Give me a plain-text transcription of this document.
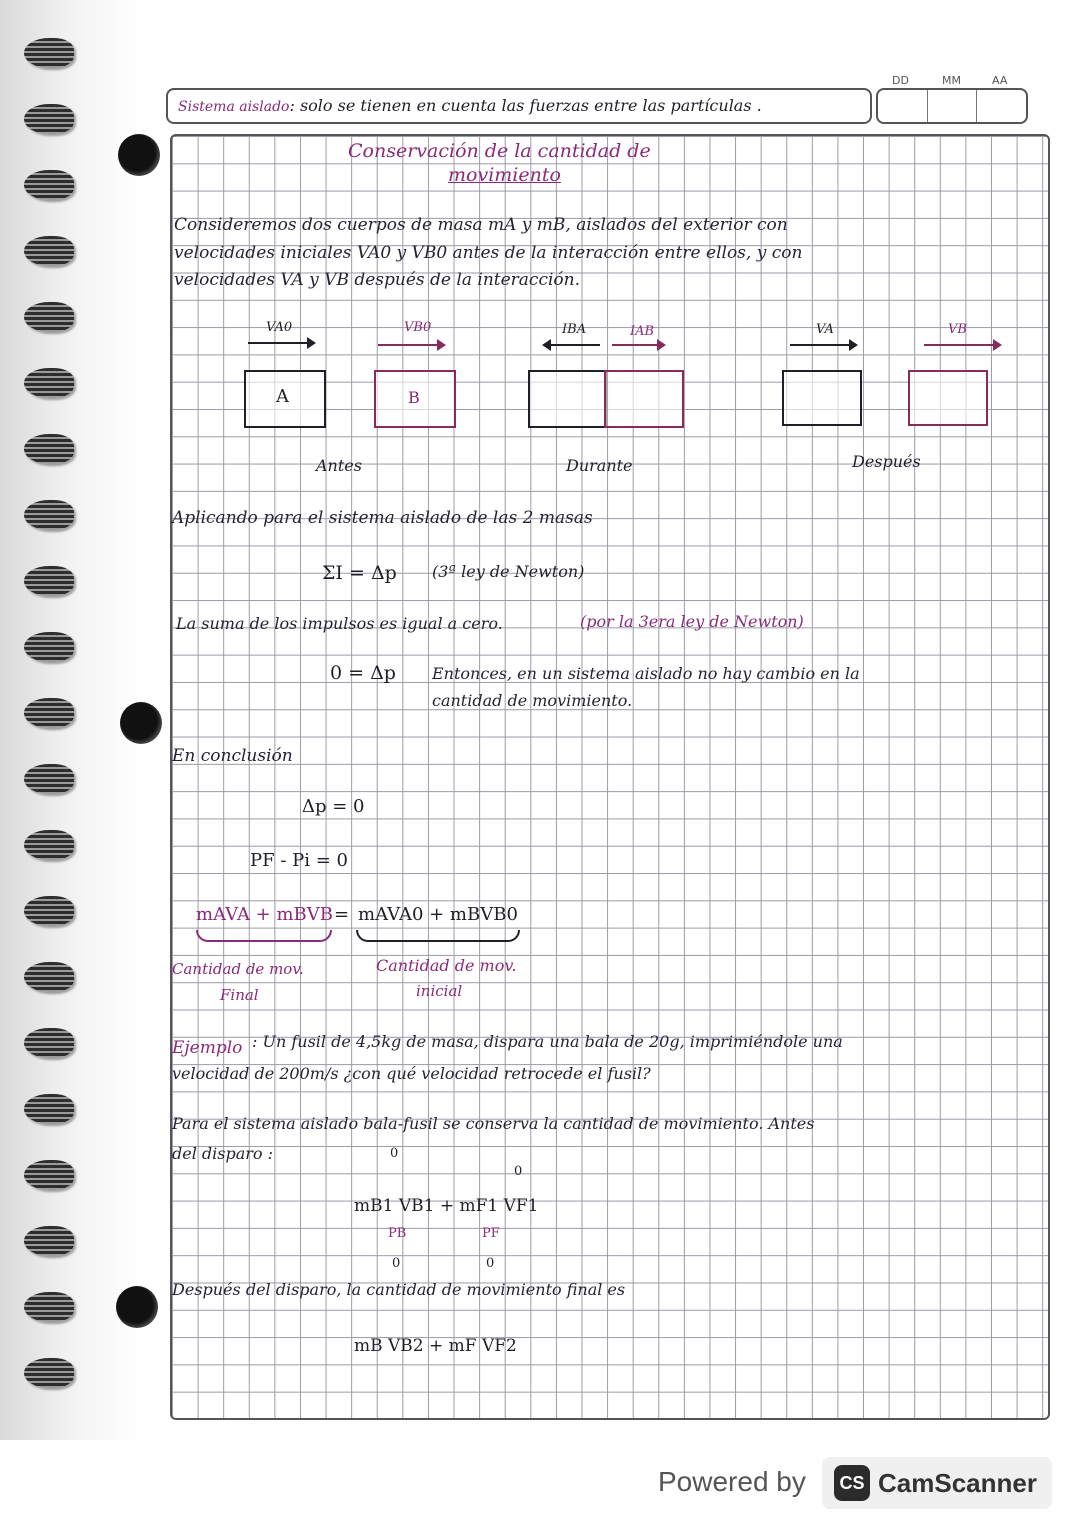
DD	MM	AA
Sistema aislado: solo se tienen en cuenta las fuerzas entre las partículas .
Conservación de la cantidad de
movimiento
Consideremos dos cuerpos de masa mA y mB, aislados del exterior con
velocidades iniciales VA0 y VB0 antes de la interacción entre ellos, y con
velocidades VA y VB después de la interacción.
VA0	VB0
A	B
Antes
IBA	IAB
Durante
VA	VB
Después
Aplicando para el sistema aislado de las 2 masas
ΣI = Δp (3ª ley de Newton)
La suma de los impulsos es igual a cero.	(por la 3era ley de Newton)
0 = Δp Entonces, en un sistema aislado no hay cambio en la
cantidad de movimiento.
En conclusión
Δp = 0
PF - Pi = 0
mAVA + mBVB = mAVA0 + mBVB0
Cantidad de mov.
Final
Cantidad de mov.
inicial
Ejemplo : Un fusil de 4,5kg de masa, dispara una bala de 20g, imprimiéndole una
velocidad de 200m/s ¿con qué velocidad retrocede el fusil?
Para el sistema aislado bala-fusil se conserva la cantidad de movimiento. Antes
del disparo :	0
0
mB1 VB1 + mF1 VF1
PB	PF
0	0
Después del disparo, la cantidad de movimiento final es
mB VB2 + mF VF2
Powered by	CS CamScanner
